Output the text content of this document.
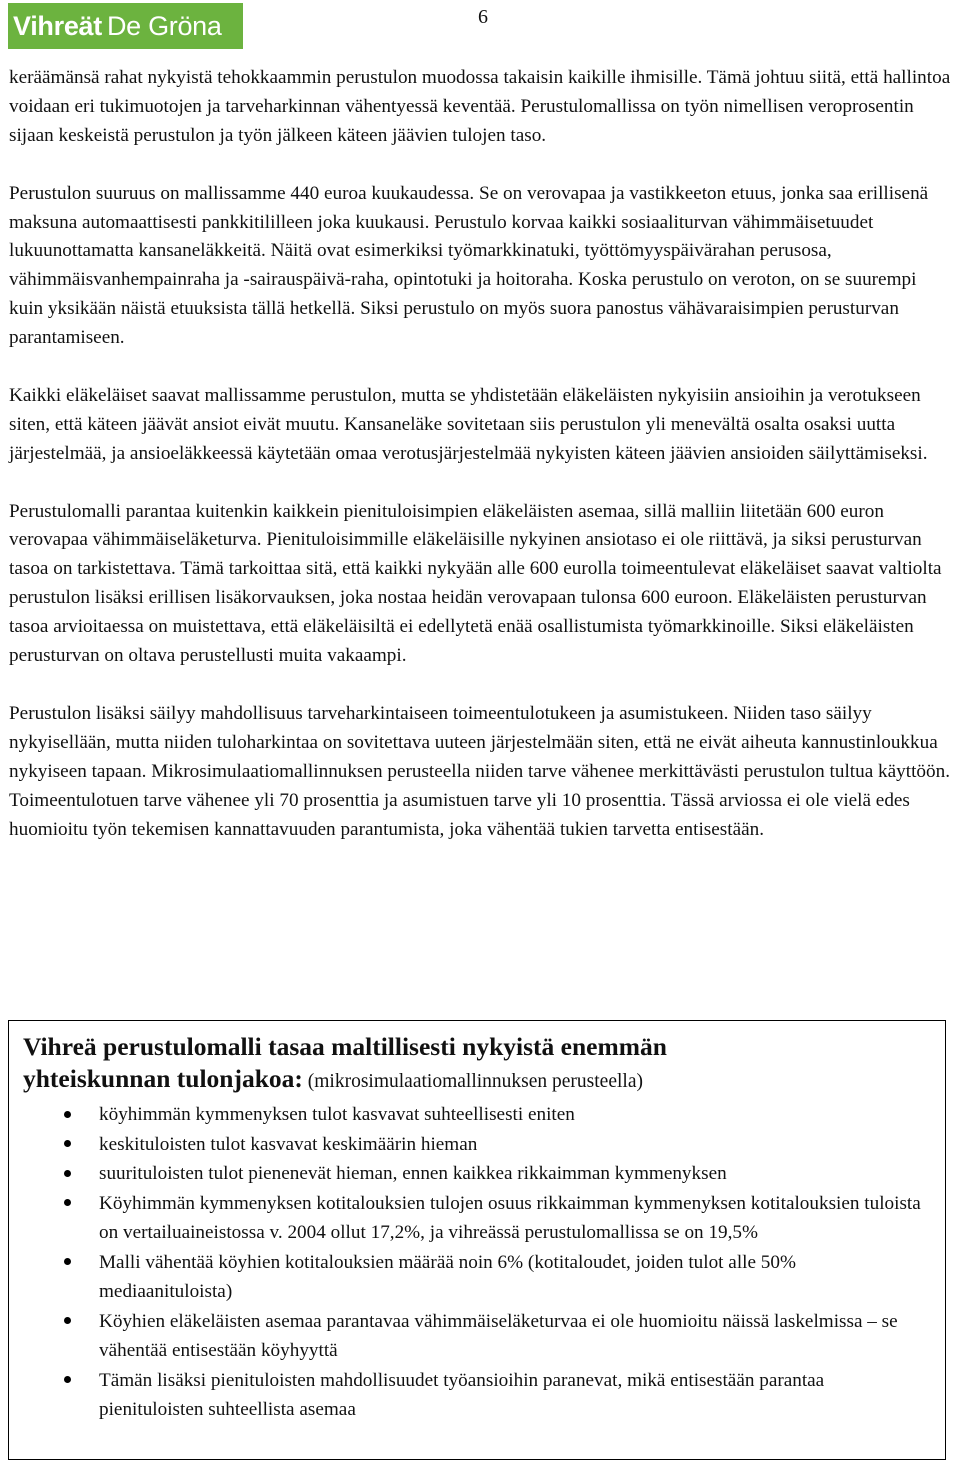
Vihreät De Gröna	6

keräämänsä rahat nykyistä tehokkaammin perustulon muodossa takaisin kaikille ihmisille. Tämä johtuu siitä, että hallintoa voidaan eri tukimuotojen ja tarveharkinnan vähentyessä keventää. Perustulomallissa on työn nimellisen veroprosentin sijaan keskeistä perustulon ja työn jälkeen käteen jäävien tulojen taso.

Perustulon suuruus on mallissamme 440 euroa kuukaudessa. Se on verovapaa ja vastikkeeton etuus, jonka saa erillisenä maksuna automaattisesti pankkitililleen joka kuukausi. Perustulo korvaa kaikki sosiaaliturvan vähimmäisetuudet lukuunottamatta kansaneläkkeitä. Näitä ovat esimerkiksi työmarkkinatuki, työttömyyspäivärahan perusosa, vähimmäisvanhempainraha ja -sairauspäivä-raha, opintotuki ja hoitoraha. Koska perustulo on veroton, on se suurempi kuin yksikään näistä etuuksista tällä hetkellä. Siksi perustulo on myös suora panostus vähävaraisimpien perusturvan parantamiseen.

Kaikki eläkeläiset saavat mallissamme perustulon, mutta se yhdistetään eläkeläisten nykyisiin ansioihin ja verotukseen siten, että käteen jäävät ansiot eivät muutu. Kansaneläke sovitetaan siis perustulon yli menevältä osalta osaksi uutta järjestelmää, ja ansioeläkkeessä käytetään omaa verotusjärjestelmää nykyisten käteen jäävien ansioiden säilyttämiseksi.

Perustulomalli parantaa kuitenkin kaikkein pienituloisimpien eläkeläisten asemaa, sillä malliin liitetään 600 euron verovapaa vähimmäiseläketurva. Pienituloisimmille eläkeläisille nykyinen ansiotaso ei ole riittävä, ja siksi perusturvan tasoa on tarkistettava. Tämä tarkoittaa sitä, että kaikki nykyään alle 600 eurolla toimeentulevat eläkeläiset saavat valtiolta perustulon lisäksi erillisen lisäkorvauksen, joka nostaa heidän verovapaan tulonsa 600 euroon. Eläkeläisten perusturvan tasoa arvioitaessa on muistettava, että eläkeläisiltä ei edellytetä enää osallistumista työmarkkinoille. Siksi eläkeläisten perusturvan on oltava perustellusti muita vakaampi.

Perustulon lisäksi säilyy mahdollisuus tarveharkintaiseen toimeentulotukeen ja asumistukeen. Niiden taso säilyy nykyisellään, mutta niiden tuloharkintaa on sovitettava uuteen järjestelmään siten, että ne eivät aiheuta kannustinloukkua nykyiseen tapaan. Mikrosimulaatiomallinnuksen perusteella niiden tarve vähenee merkittävästi perustulon tultua käyttöön. Toimeentulotuen tarve vähenee yli 70 prosenttia ja asumistuen tarve yli 10 prosenttia. Tässä arviossa ei ole vielä edes huomioitu työn tekemisen kannattavuuden parantumista, joka vähentää tukien tarvetta entisestään.

Vihreä perustulomalli tasaa maltillisesti nykyistä enemmän
yhteiskunnan tulonjakoa: (mikrosimulaatiomallinnuksen perusteella)
köyhimmän kymmenyksen tulot kasvavat suhteellisesti eniten
keskituloisten tulot kasvavat keskimäärin hieman
suurituloisten tulot pienenevät hieman, ennen kaikkea rikkaimman kymmenyksen
Köyhimmän kymmenyksen kotitalouksien tulojen osuus rikkaimman kymmenyksen kotitalouksien tuloista on vertailuaineistossa v. 2004 ollut 17,2%, ja vihreässä perustulomallissa se on 19,5%
Malli vähentää köyhien kotitalouksien määrää noin 6% (kotitaloudet, joiden tulot alle 50% mediaanituloista)
Köyhien eläkeläisten asemaa parantavaa vähimmäiseläketurvaa ei ole huomioitu näissä laskelmissa – se vähentää entisestään köyhyyttä
Tämän lisäksi pienituloisten mahdollisuudet työansioihin paranevat, mikä entisestään parantaa pienituloisten suhteellista asemaa
